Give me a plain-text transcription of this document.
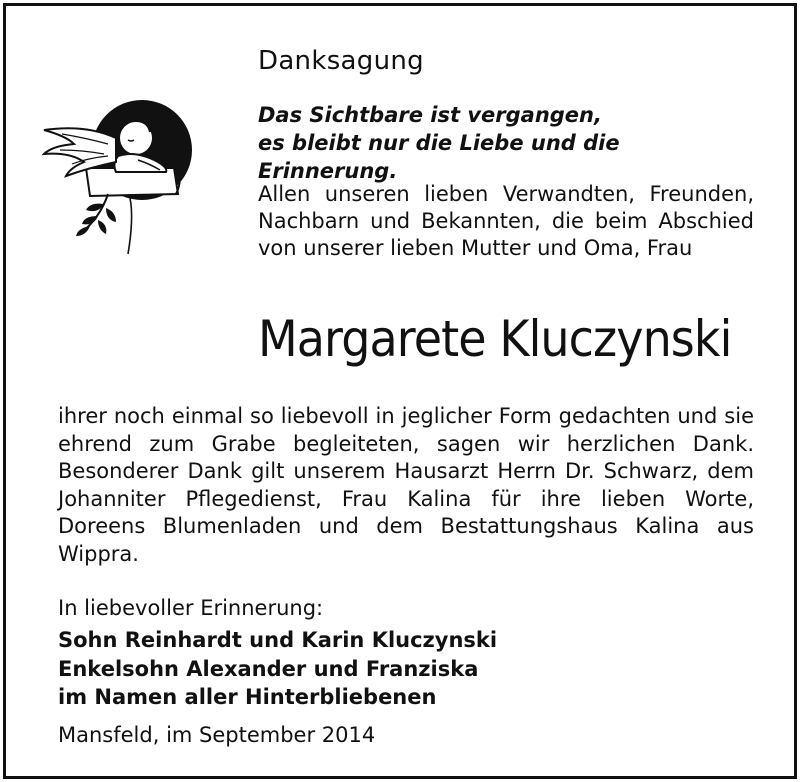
Danksagung
Das Sichtbare ist vergangen,
es bleibt nur die Liebe und die Erinnerung.
Allen unseren lieben Verwandten, Freunden, Nachbarn und Bekannten, die beim Abschied von unserer lieben Mutter und Oma, Frau
Margarete Kluczynski
ihrer noch einmal so liebevoll in jeglicher Form gedachten und sie ehrend zum Grabe begleiteten, sagen wir herzlichen Dank. Besonderer Dank gilt unserem Hausarzt Herrn Dr. Schwarz, dem Johanniter Pflegedienst, Frau Kalina für ihre lieben Worte, Doreens Blumenladen und dem Bestattungshaus Kalina aus Wippra.
In liebevoller Erinnerung:
Sohn Reinhardt und Karin Kluczynski
Enkelsohn Alexander und Franziska
im Namen aller Hinterbliebenen
Mansfeld, im September 2014
